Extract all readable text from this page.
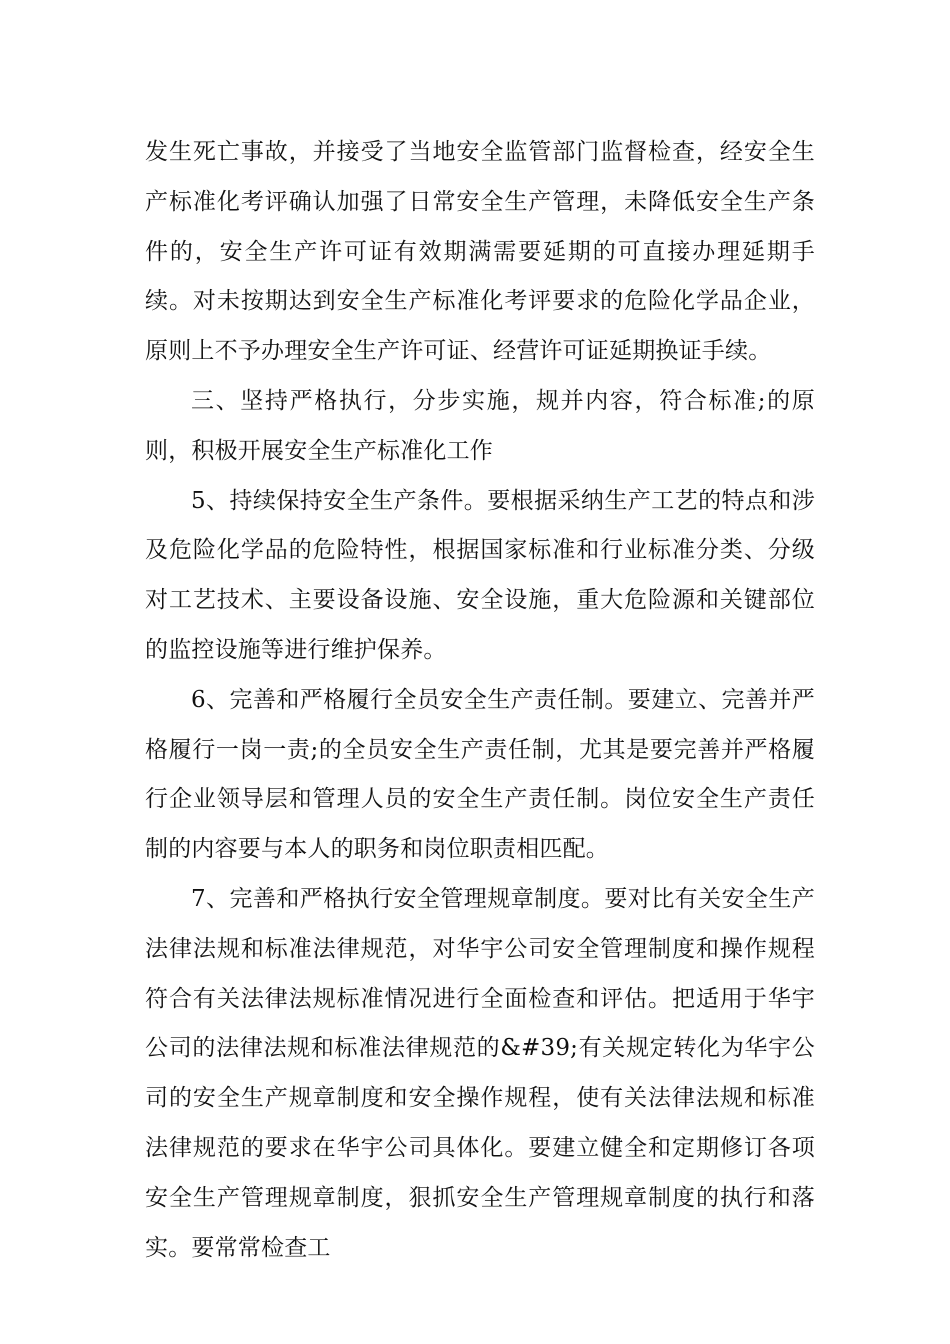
发生死亡事故，并接受了当地安全监管部门监督检查，经安全生产标准化考评确认加强了日常安全生产管理，未降低安全生产条件的，安全生产许可证有效期满需要延期的可直接办理延期手续。对未按期达到安全生产标准化考评要求的危险化学品企业，原则上不予办理安全生产许可证、经营许可证延期换证手续。

三、坚持严格执行，分步实施，规并内容，符合标准;的原则，积极开展安全生产标准化工作

5、持续保持安全生产条件。要根据采纳生产工艺的特点和涉及危险化学品的危险特性，根据国家标准和行业标准分类、分级对工艺技术、主要设备设施、安全设施，重大危险源和关键部位的监控设施等进行维护保养。

6、完善和严格履行全员安全生产责任制。要建立、完善并严格履行一岗一责;的全员安全生产责任制，尤其是要完善并严格履行企业领导层和管理人员的安全生产责任制。岗位安全生产责任制的内容要与本人的职务和岗位职责相匹配。

7、完善和严格执行安全管理规章制度。要对比有关安全生产法律法规和标准法律规范，对华宇公司安全管理制度和操作规程符合有关法律法规标准情况进行全面检查和评估。把适用于华宇公司的法律法规和标准法律规范的&#39;有关规定转化为华宇公司的安全生产规章制度和安全操作规程，使有关法律法规和标准法律规范的要求在华宇公司具体化。要建立健全和定期修订各项安全生产管理规章制度，狠抓安全生产管理规章制度的执行和落实。要常常检查工
